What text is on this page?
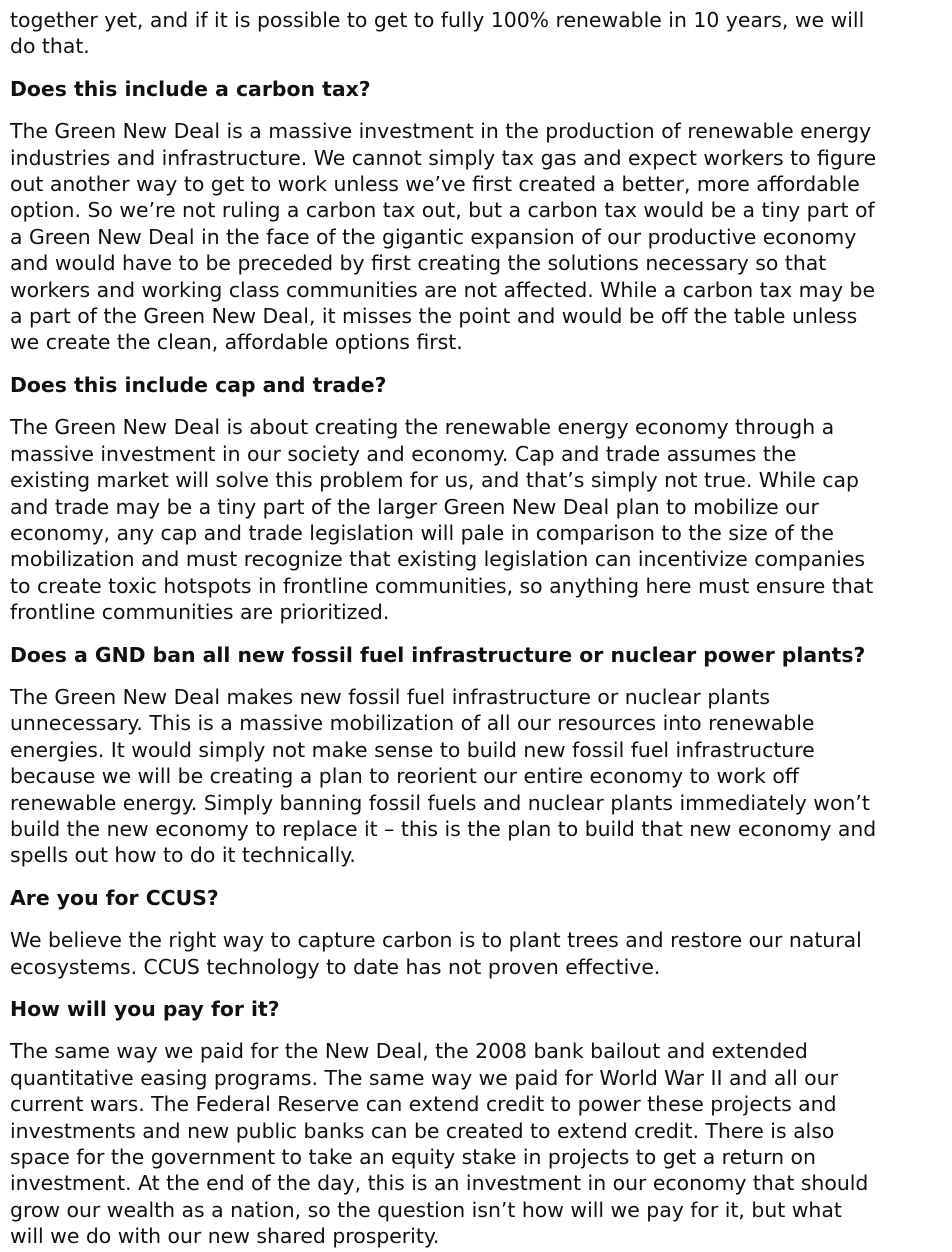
together yet, and if it is possible to get to fully 100% renewable in 10 years, we will
do that.

Does this include a carbon tax?

The Green New Deal is a massive investment in the production of renewable energy
industries and infrastructure. We cannot simply tax gas and expect workers to figure
out another way to get to work unless we’ve first created a better, more affordable
option. So we’re not ruling a carbon tax out, but a carbon tax would be a tiny part of
a Green New Deal in the face of the gigantic expansion of our productive economy
and would have to be preceded by first creating the solutions necessary so that
workers and working class communities are not affected. While a carbon tax may be
a part of the Green New Deal, it misses the point and would be off the table unless
we create the clean, affordable options first.

Does this include cap and trade?

The Green New Deal is about creating the renewable energy economy through a
massive investment in our society and economy. Cap and trade assumes the
existing market will solve this problem for us, and that’s simply not true. While cap
and trade may be a tiny part of the larger Green New Deal plan to mobilize our
economy, any cap and trade legislation will pale in comparison to the size of the
mobilization and must recognize that existing legislation can incentivize companies
to create toxic hotspots in frontline communities, so anything here must ensure that
frontline communities are prioritized.

Does a GND ban all new fossil fuel infrastructure or nuclear power plants?

The Green New Deal makes new fossil fuel infrastructure or nuclear plants
unnecessary. This is a massive mobilization of all our resources into renewable
energies. It would simply not make sense to build new fossil fuel infrastructure
because we will be creating a plan to reorient our entire economy to work off
renewable energy. Simply banning fossil fuels and nuclear plants immediately won’t
build the new economy to replace it – this is the plan to build that new economy and
spells out how to do it technically.

Are you for CCUS?

We believe the right way to capture carbon is to plant trees and restore our natural
ecosystems. CCUS technology to date has not proven effective.

How will you pay for it?

The same way we paid for the New Deal, the 2008 bank bailout and extended
quantitative easing programs. The same way we paid for World War II and all our
current wars. The Federal Reserve can extend credit to power these projects and
investments and new public banks can be created to extend credit. There is also
space for the government to take an equity stake in projects to get a return on
investment. At the end of the day, this is an investment in our economy that should
grow our wealth as a nation, so the question isn’t how will we pay for it, but what
will we do with our new shared prosperity.
